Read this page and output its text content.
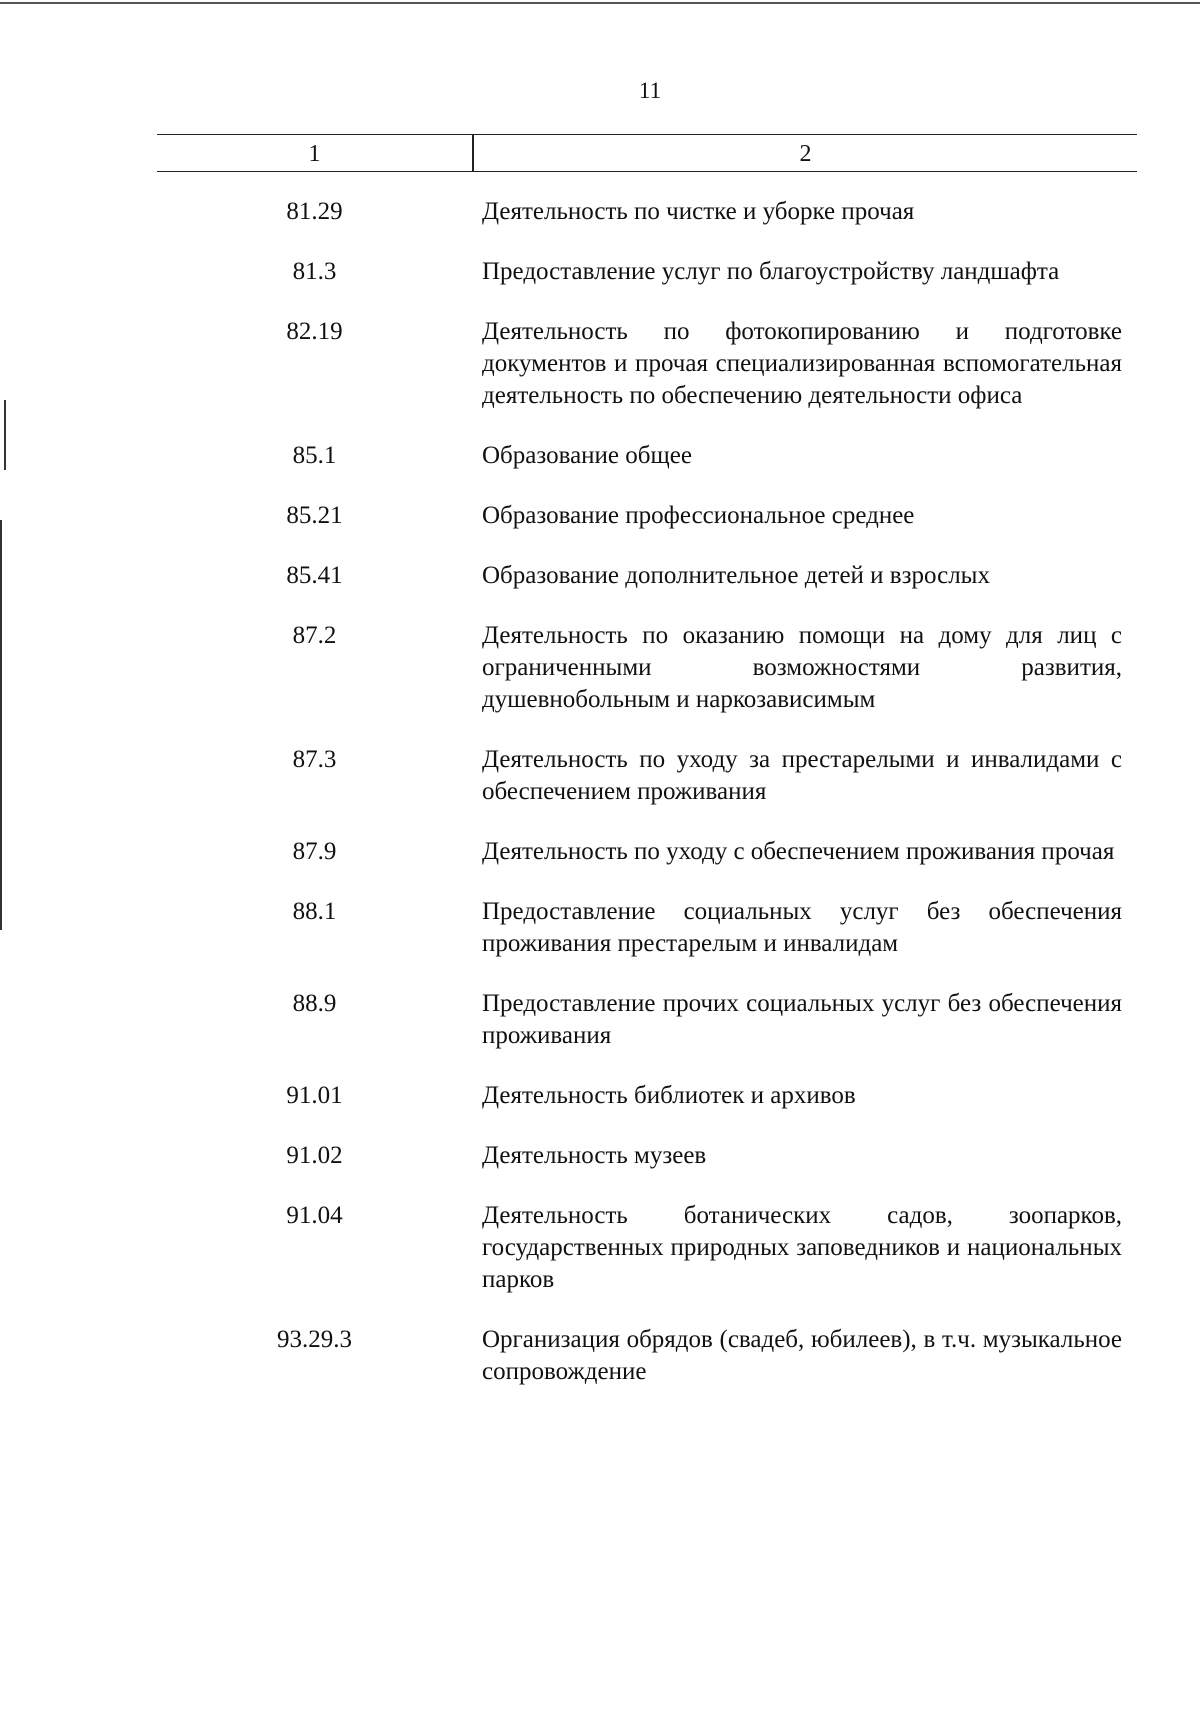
11
1	2
81.29	Деятельность по чистке и уборке прочая
81.3	Предоставление услуг по благоустройству ландшафта
82.19	Деятельность по фотокопированию и подготовке документов и прочая специализированная вспомогательная деятельность по обеспечению деятельности офиса
85.1	Образование общее
85.21	Образование профессиональное среднее
85.41	Образование дополнительное детей и взрослых
87.2	Деятельность по оказанию помощи на дому для лиц с ограниченными возможностями развития, душевнобольным и наркозависимым
87.3	Деятельность по уходу за престарелыми и инвалидами с обеспечением проживания
87.9	Деятельность по уходу с обеспечением проживания прочая
88.1	Предоставление социальных услуг без обеспечения проживания престарелым и инвалидам
88.9	Предоставление прочих социальных услуг без обеспечения проживания
91.01	Деятельность библиотек и архивов
91.02	Деятельность музеев
91.04	Деятельность ботанических садов, зоопарков, государственных природных заповедников и национальных парков
93.29.3	Организация обрядов (свадеб, юбилеев), в т.ч. музыкальное сопровождение
